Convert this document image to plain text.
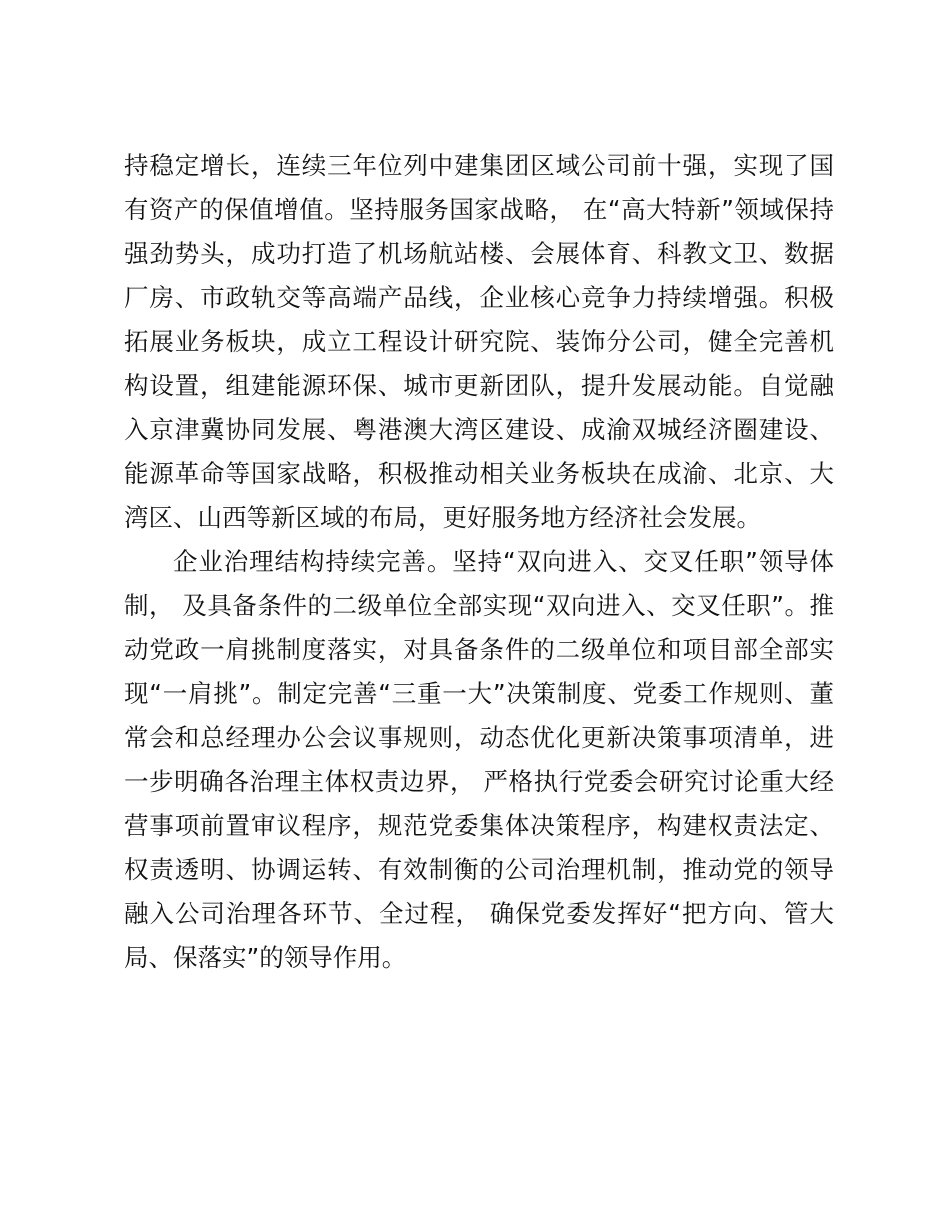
持稳定增长，连续三年位列中建集团区域公司前十强，实现了国
有资产的保值增值。坚持服务国家战略， 在“高大特新”领域保持
强劲势头，成功打造了机场航站楼、会展体育、科教文卫、数据
厂房、市政轨交等高端产品线，企业核心竞争力持续增强。积极
拓展业务板块，成立工程设计研究院、装饰分公司，健全完善机
构设置，组建能源环保、城市更新团队，提升发展动能。自觉融
入京津冀协同发展、粤港澳大湾区建设、成渝双城经济圈建设、
能源革命等国家战略，积极推动相关业务板块在成渝、北京、大
湾区、山西等新区域的布局，更好服务地方经济社会发展。
企业治理结构持续完善。坚持“双向进入、交叉任职”领导体
制， 及具备条件的二级单位全部实现“双向进入、交叉任职”。推
动党政一肩挑制度落实，对具备条件的二级单位和项目部全部实
现“一肩挑”。制定完善“三重一大”决策制度、党委工作规则、董
常会和总经理办公会议事规则，动态优化更新决策事项清单，进
一步明确各治理主体权责边界， 严格执行党委会研究讨论重大经
营事项前置审议程序，规范党委集体决策程序，构建权责法定、
权责透明、协调运转、有效制衡的公司治理机制，推动党的领导
融入公司治理各环节、全过程， 确保党委发挥好“把方向、管大
局、保落实”的领导作用。
